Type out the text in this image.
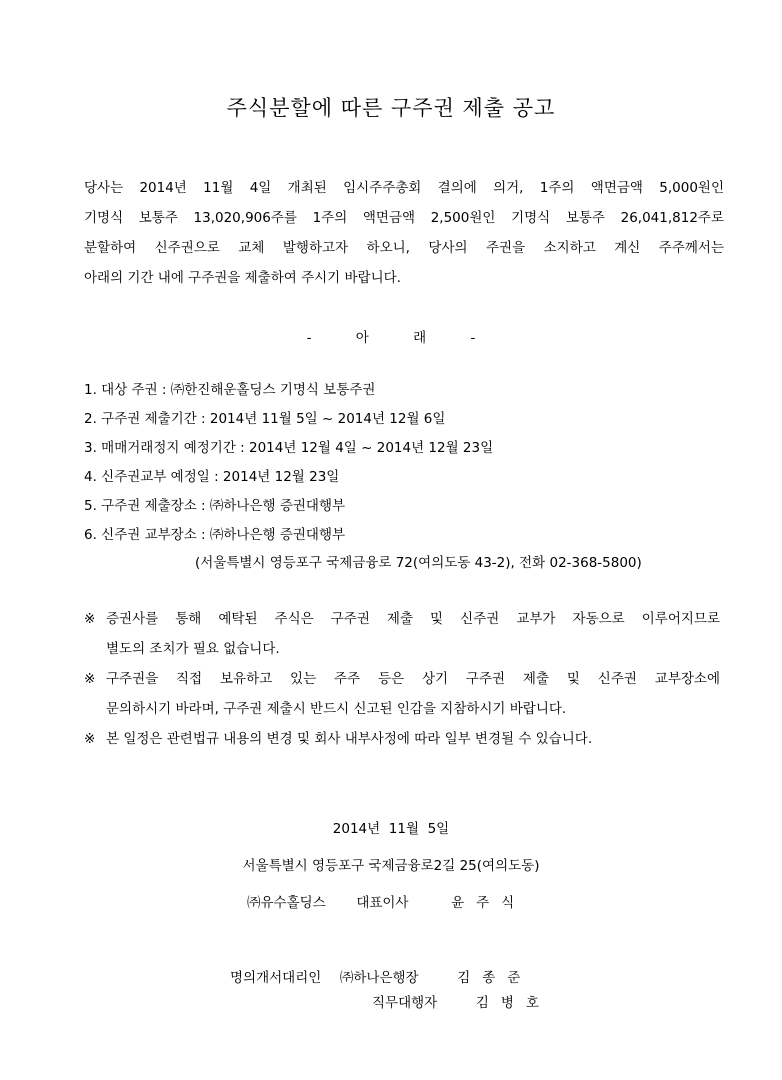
주식분할에 따른 구주권 제출 공고
당사는 2014년 11월 4일 개최된 임시주주총회 결의에 의거, 1주의 액면금액 5,000원인
기명식 보통주 13,020,906주를 1주의 액면금액 2,500원인 기명식 보통주 26,041,812주로
분할하여 신주권으로 교체 발행하고자 하오니, 당사의 주권을 소지하고 계신 주주께서는
아래의 기간 내에 구주권을 제출하여 주시기 바랍니다.
- 아 래 -
1. 대상 주권 : ㈜한진해운홀딩스 기명식 보통주권
2. 구주권 제출기간 : 2014년 11월 5일 ~ 2014년 12월 6일
3. 매매거래정지 예정기간 : 2014년 12월 4일 ~ 2014년 12월 23일
4. 신주권교부 예정일 : 2014년 12월 23일
5. 구주권 제출장소 : ㈜하나은행 증권대행부
6. 신주권 교부장소 : ㈜하나은행 증권대행부
(서울특별시 영등포구 국제금융로 72(여의도동 43-2), 전화 02-368-5800)
※ 증권사를 통해 예탁된 주식은 구주권 제출 및 신주권 교부가 자동으로 이루어지므로
별도의 조치가 필요 없습니다.
※ 구주권을 직접 보유하고 있는 주주 등은 상기 구주권 제출 및 신주권 교부장소에
문의하시기 바라며, 구주권 제출시 반드시 신고된 인감을 지참하시기 바랍니다.
※ 본 일정은 관련법규 내용의 변경 및 회사 내부사정에 따라 일부 변경될 수 있습니다.
2014년  11월  5일
서울특별시 영등포구 국제금융로2길 25(여의도동)
㈜유수홀딩스 대표이사	윤주식
명의개서대리인 ㈜하나은행장	김종준
직무대행자	김병호
